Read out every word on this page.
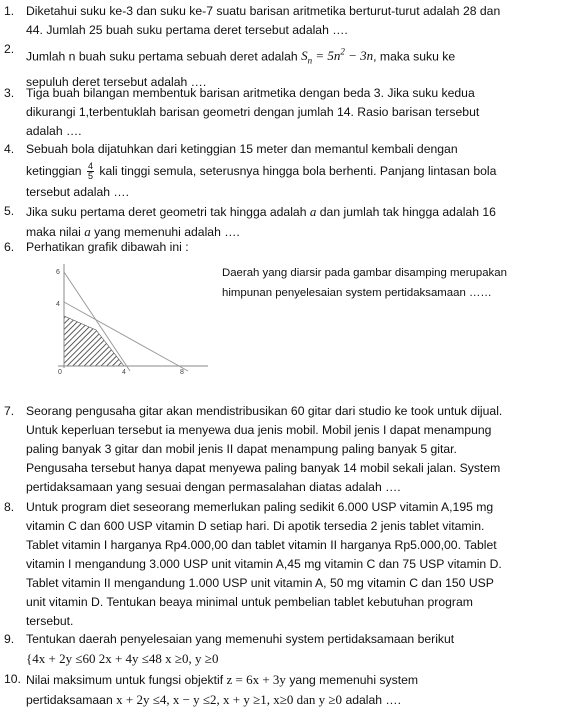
1. Diketahui suku ke-3 dan suku ke-7 suatu barisan aritmetika berturut-turut adalah 28 dan
44. Jumlah 25 buah suku pertama deret tersebut adalah ….
2.
Jumlah n buah suku pertama sebuah deret adalah $S_n = 5n^2 - 3n$, maka suku ke
sepuluh deret tersebut adalah ….
3. Tiga buah bilangan membentuk barisan aritmetika dengan beda 3. Jika suku kedua
dikurangi 1,terbentuklah barisan geometri dengan jumlah 14. Rasio barisan tersebut
adalah ….
4. Sebuah bola dijatuhkan dari ketinggian 15 meter dan memantul kembali dengan
ketinggian $\frac{4}{5}$ kali tinggi semula, seterusnya hingga bola berhenti. Panjang lintasan bola
tersebut adalah ….
5. Jika suku pertama deret geometri tak hingga adalah a dan jumlah tak hingga adalah 16
maka nilai a yang memenuhi adalah ….
6. Perhatikan grafik dibawah ini :
6
4
0	4	8
Daerah yang diarsir pada gambar disamping merupakan
himpunan penyelesaian system pertidaksamaan ……
7. Seorang pengusaha gitar akan mendistribusikan 60 gitar dari studio ke took untuk dijual.
Untuk keperluan tersebut ia menyewa dua jenis mobil. Mobil jenis I dapat menampung
paling banyak 3 gitar dan mobil jenis II dapat menampung paling banyak 5 gitar.
Pengusaha tersebut hanya dapat menyewa paling banyak 14 mobil sekali jalan. System
pertidaksamaan yang sesuai dengan permasalahan diatas adalah ….
8. Untuk program diet seseorang memerlukan paling sedikit 6.000 USP vitamin A,195 mg
vitamin C dan 600 USP vitamin D setiap hari. Di apotik tersedia 2 jenis tablet vitamin.
Tablet vitamin I harganya Rp4.000,00 dan tablet vitamin II harganya Rp5.000,00. Tablet
vitamin I mengandung 3.000 USP unit vitamin A,45 mg vitamin C dan 75 USP vitamin D.
Tablet vitamin II mengandung 1.000 USP unit vitamin A, 50 mg vitamin C dan 150 USP
unit vitamin D. Tentukan beaya minimal untuk pembelian tablet kebutuhan program
tersebut.
9. Tentukan daerah penyelesaian yang memenuhi system pertidaksamaan berikut
{4x + 2y ≤60 2x + 4y ≤48 x ≥0, y ≥0
10. Nilai maksimum untuk fungsi objektif z = 6x + 3y yang memenuhi system
pertidaksamaan x + 2y ≤4, x − y ≤2, x + y ≥1, x≥0 dan y ≥0 adalah ….
